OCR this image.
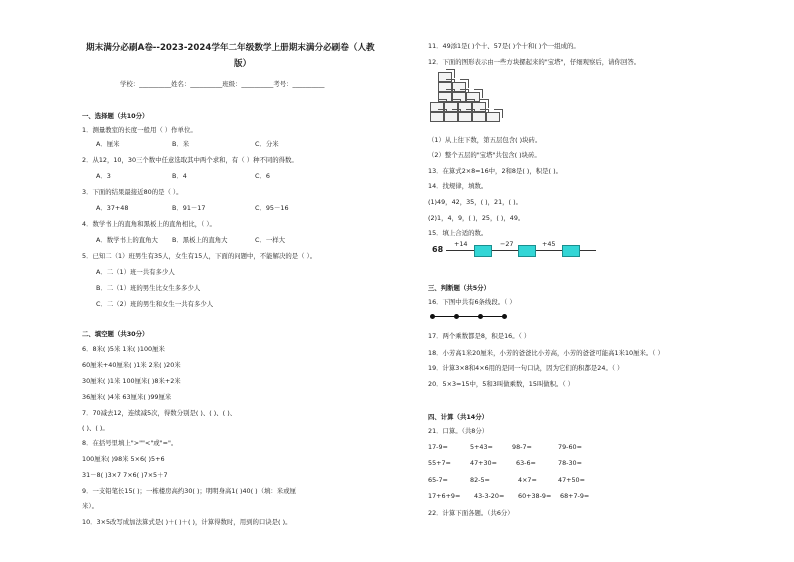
期末满分必刷A卷--2023-2024学年二年级数学上册期末满分必刷卷（人教
版）
学校：__________姓名：__________班级：__________考号：__________
一、选择题（共10分）
1．测量教室的长度一般用（ ）作单位。
A．厘米	B．米	C．分米
2．从12，10，30三个数中任意选取其中两个求和，有（ ）种不同的得数。
A．3	B．4	C．6
3．下面的结果最接近80的是（ ）。
A．37+48	B．91－17	C．95－16
4．数学书上的直角和黑板上的直角相比，（ ）。
A．数学书上的直角大 B．黑板上的直角大	C．一样大
5．已知二（1）班男生有35人，女生有15人，下面的问题中，不能解决的是（ ）。
A．二（1）班一共有多少人
B．二（1）班的男生比女生多多少人
C．二（2）班的男生和女生一共有多少人
二、填空题（共30分）
6．8米( )5米 1米( )100厘米
60厘米+40厘米( )1米 2米( )20米
30厘米( )1米 100厘米( )8米+2米
36厘米( )4米 63厘米( )99厘米
7．70减去12，连续减5次，得数分别是( )、( )、( )、
( )、( )。
8．在括号里填上">""<"或"="。
100厘米( )98米 5×6( )5+6
31－8( )3×7 7×6( )7×5＋7
9．一支铅笔长15( )；一栋楼房高约30( )；明明身高1( )40( )（填：米或厘
米）。
10．3×5改写成加法算式是( )＋( )＋( )，计算得数时，用到的口诀是( )。
11．49添1是( )个十、57是( )个十和( )个一组成的。
12．下面的图形表示由一些方块摞起来的"宝塔"，仔细观察后，请你回答。
（1）从上往下数，第五层包含( )块砖。
（2）整个五层的"宝塔"共包含( )块砖。
13．在算式2×8=16中，2和8是( )，积是( )。
14．找规律，填数。
(1)49，42，35，( )，21，( )。
(2)1，4，9，( )，25，( )，49。
15．填上合适的数。
68
+14	−27	+45
三、判断题（共5分）
16．下图中共有6条线段。（ ）
17．两个乘数都是8，积是16。（ ）
18．小芳高1米20厘米，小芳的爸爸比小芳高，小芳的爸爸可能高1米10厘米。（ ）
19．计算3×8和4×6用的是同一句口诀，因为它们的积都是24。（ ）
20．5×3=15中，5和3叫做乘数，15叫做积。（ ）
四、计算（共14分）
21．口算。（共8分）
17-9=	5+43=	98-7=	79-60=
55+7=	47+30=	63-6=	78-30=
65-7=	82-5=	4×7=	47+50=
17+6+9= 43-3-20= 60+38-9= 68+7-9=
22．计算下面各题。（共6分）
